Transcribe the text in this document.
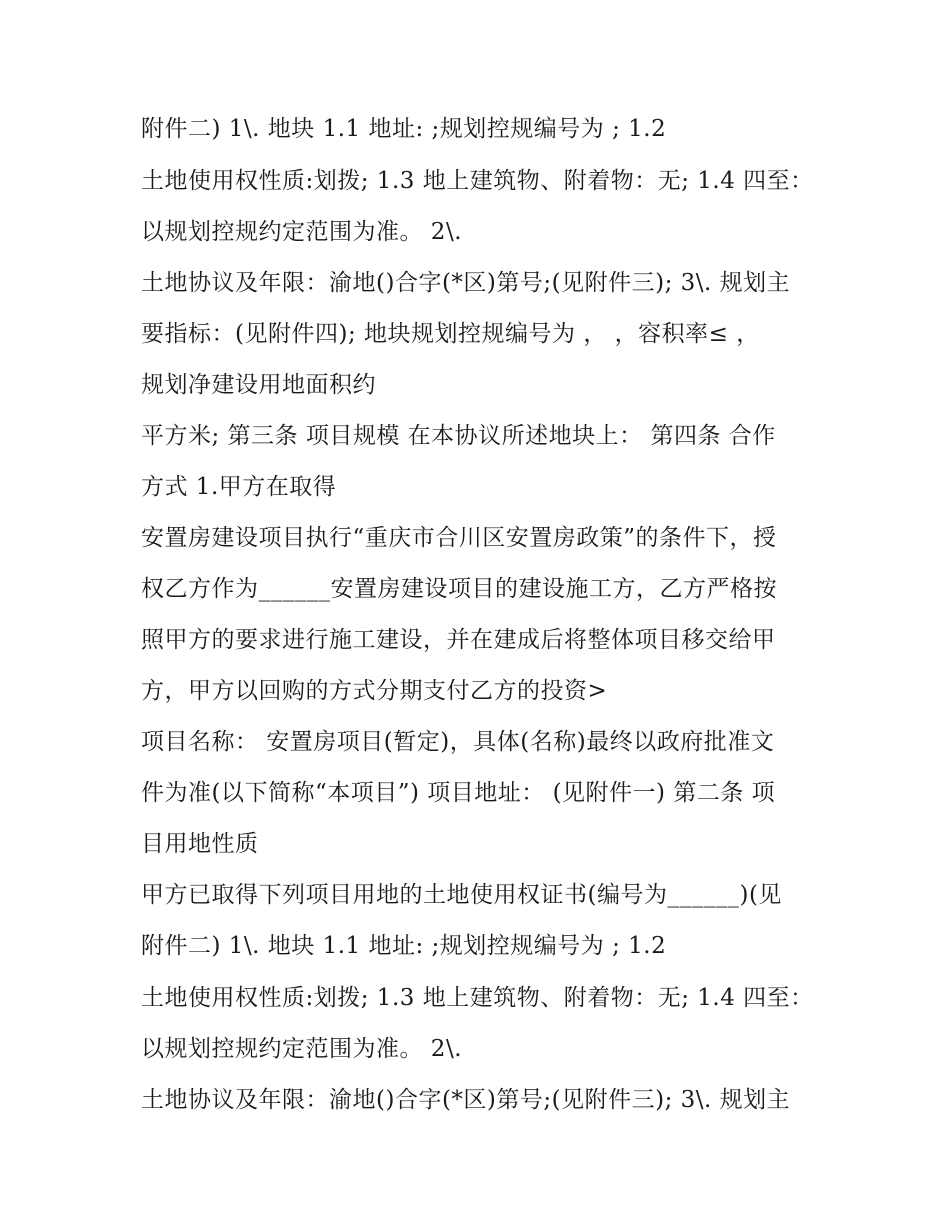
附件二) 1\. 地块 1.1 地址: ;规划控规编号为 ; 1.2
土地使用权性质:划拨; 1.3 地上建筑物、附着物：无; 1.4 四至：
以规划控规约定范围为准。 2\.
土地协议及年限：渝地()合字(*区)第号;(见附件三); 3\. 规划主
要指标：(见附件四); 地块规划控规编号为 ， ，容积率≤ ，
规划净建设用地面积约
平方米; 第三条 项目规模 在本协议所述地块上： 第四条 合作
方式 1.甲方在取得
安置房建设项目执行“重庆市合川区安置房政策”的条件下，授
权乙方作为______安置房建设项目的建设施工方，乙方严格按
照甲方的要求进行施工建设，并在建成后将整体项目移交给甲
方，甲方以回购的方式分期支付乙方的投资>
项目名称： 安置房项目(暂定)，具体(名称)最终以政府批准文
件为准(以下简称“本项目”) 项目地址： (见附件一) 第二条 项
目用地性质
甲方已取得下列项目用地的土地使用权证书(编号为______)(见
附件二) 1\. 地块 1.1 地址: ;规划控规编号为 ; 1.2
土地使用权性质:划拨; 1.3 地上建筑物、附着物：无; 1.4 四至：
以规划控规约定范围为准。 2\.
土地协议及年限：渝地()合字(*区)第号;(见附件三); 3\. 规划主
